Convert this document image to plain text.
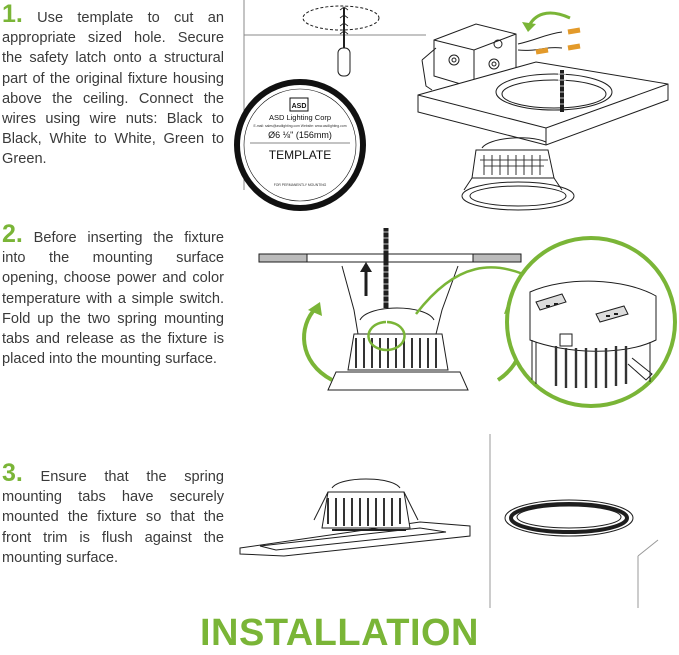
1. Use template to cut an appropriate sized hole. Secure the safety latch onto a structural part of the original fixture housing above the ceiling. Connect the wires using wire nuts: Black to Black, White to White, Green to Green.
2. Before inserting the fixture into the mounting surface opening, choose power and color temperature with a simple switch. Fold up the two spring mounting tabs and release as the fixture is placed into the mounting surface.
3. Ensure that the spring mounting tabs have securely mounted the fixture so that the front trim is flush against the mounting surface.
ASD
ASD Lighting Corp
E-mail: sales@asdlighting.com Website: www.asdlighting.com
Ø6 ⅛" (156mm)
TEMPLATE
FOR PERMANENTLY MOUNTING
INSTALLATION
